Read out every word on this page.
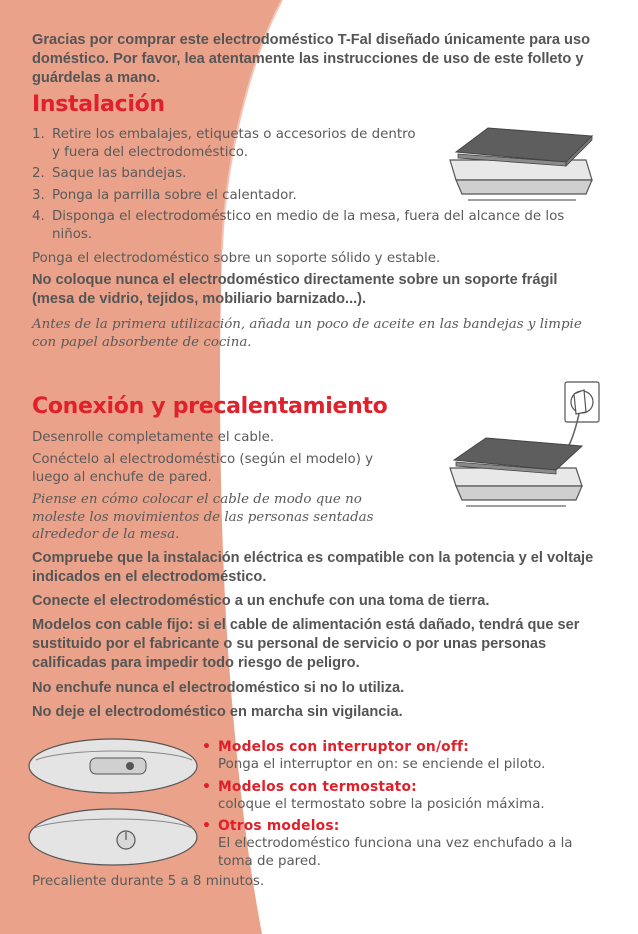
Gracias por comprar este electrodoméstico T-Fal diseñado únicamente para uso doméstico. Por favor, lea atentamente las instrucciones de uso de este folleto y guárdelas a mano.

Instalación
1. Retire los embalajes, etiquetas o accesorios de dentro y fuera del electrodoméstico.
2. Saque las bandejas.
3. Ponga la parrilla sobre el calentador.
4. Disponga el electrodoméstico en medio de la mesa, fuera del alcance de los niños.

Ponga el electrodoméstico sobre un soporte sólido y estable.

No coloque nunca el electrodoméstico directamente sobre un soporte frágil (mesa de vidrio, tejidos, mobiliario barnizado...).

Antes de la primera utilización, añada un poco de aceite en las bandejas y limpie con papel absorbente de cocina.

Conexión y precalentamiento

Desenrolle completamente el cable.

Conéctelo al electrodoméstico (según el modelo) y luego al enchufe de pared.

Piense en cómo colocar el cable de modo que no moleste los movimientos de las personas sentadas alrededor de la mesa.

Compruebe que la instalación eléctrica es compatible con la potencia y el voltaje indicados en el electrodoméstico.

Conecte el electrodoméstico a un enchufe con una toma de tierra.

Modelos con cable fijo: si el cable de alimentación está dañado, tendrá que ser sustituido por el fabricante o su personal de servicio o por unas personas calificadas para impedir todo riesgo de peligro.

No enchufe nunca el electrodoméstico si no lo utiliza.

No deje el electrodoméstico en marcha sin vigilancia.

• Modelos con interruptor on/off:
Ponga el interruptor en on: se enciende el piloto.
• Modelos con termostato:
coloque el termostato sobre la posición máxima.
• Otros modelos:
El electrodoméstico funciona una vez enchufado a la toma de pared.

Precaliente durante 5 a 8 minutos.
